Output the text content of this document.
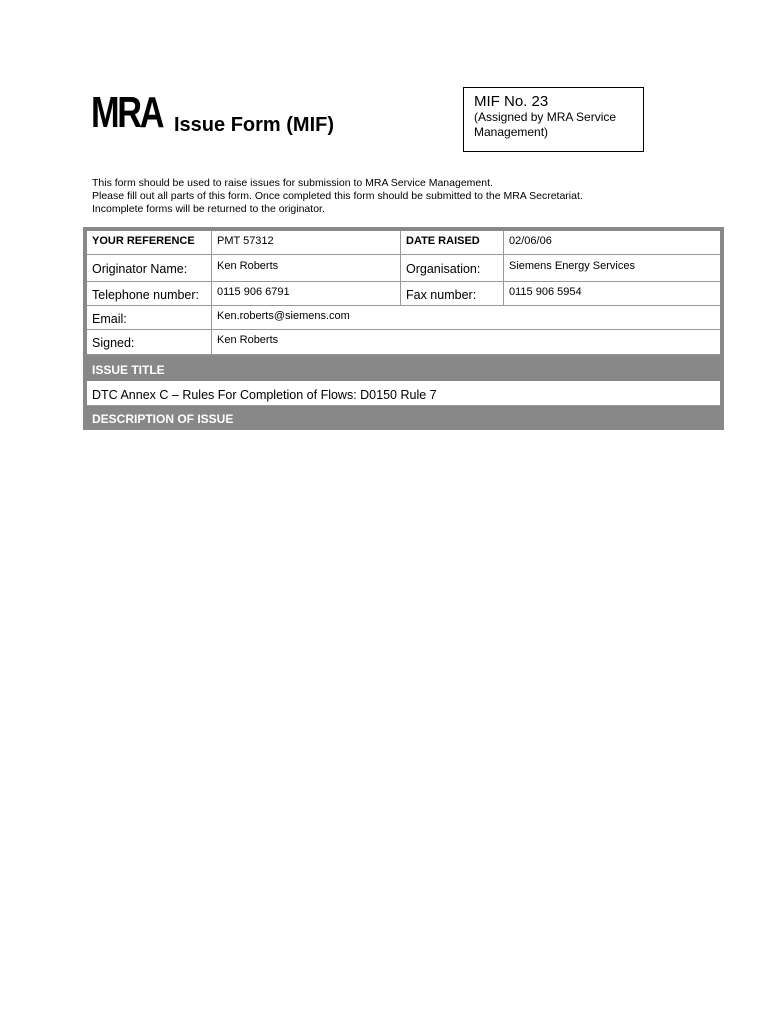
MRA Issue Form (MIF)
MIF No. 23
(Assigned by MRA Service
Management)
This form should be used to raise issues for submission to MRA Service Management.
Please fill out all parts of this form. Once completed this form should be submitted to the MRA Secretariat.
Incomplete forms will be returned to the originator.
YOUR REFERENCE	PMT 57312	DATE RAISED	02/06/06
Originator Name:	Ken Roberts	Organisation:	Siemens Energy Services
Telephone number:	0115 906 6791	Fax number:	0115 906 5954
Email:	Ken.roberts@siemens.com
Signed:	Ken Roberts
ISSUE TITLE
DTC Annex C – Rules For Completion of Flows: D0150 Rule 7
DESCRIPTION OF ISSUE
